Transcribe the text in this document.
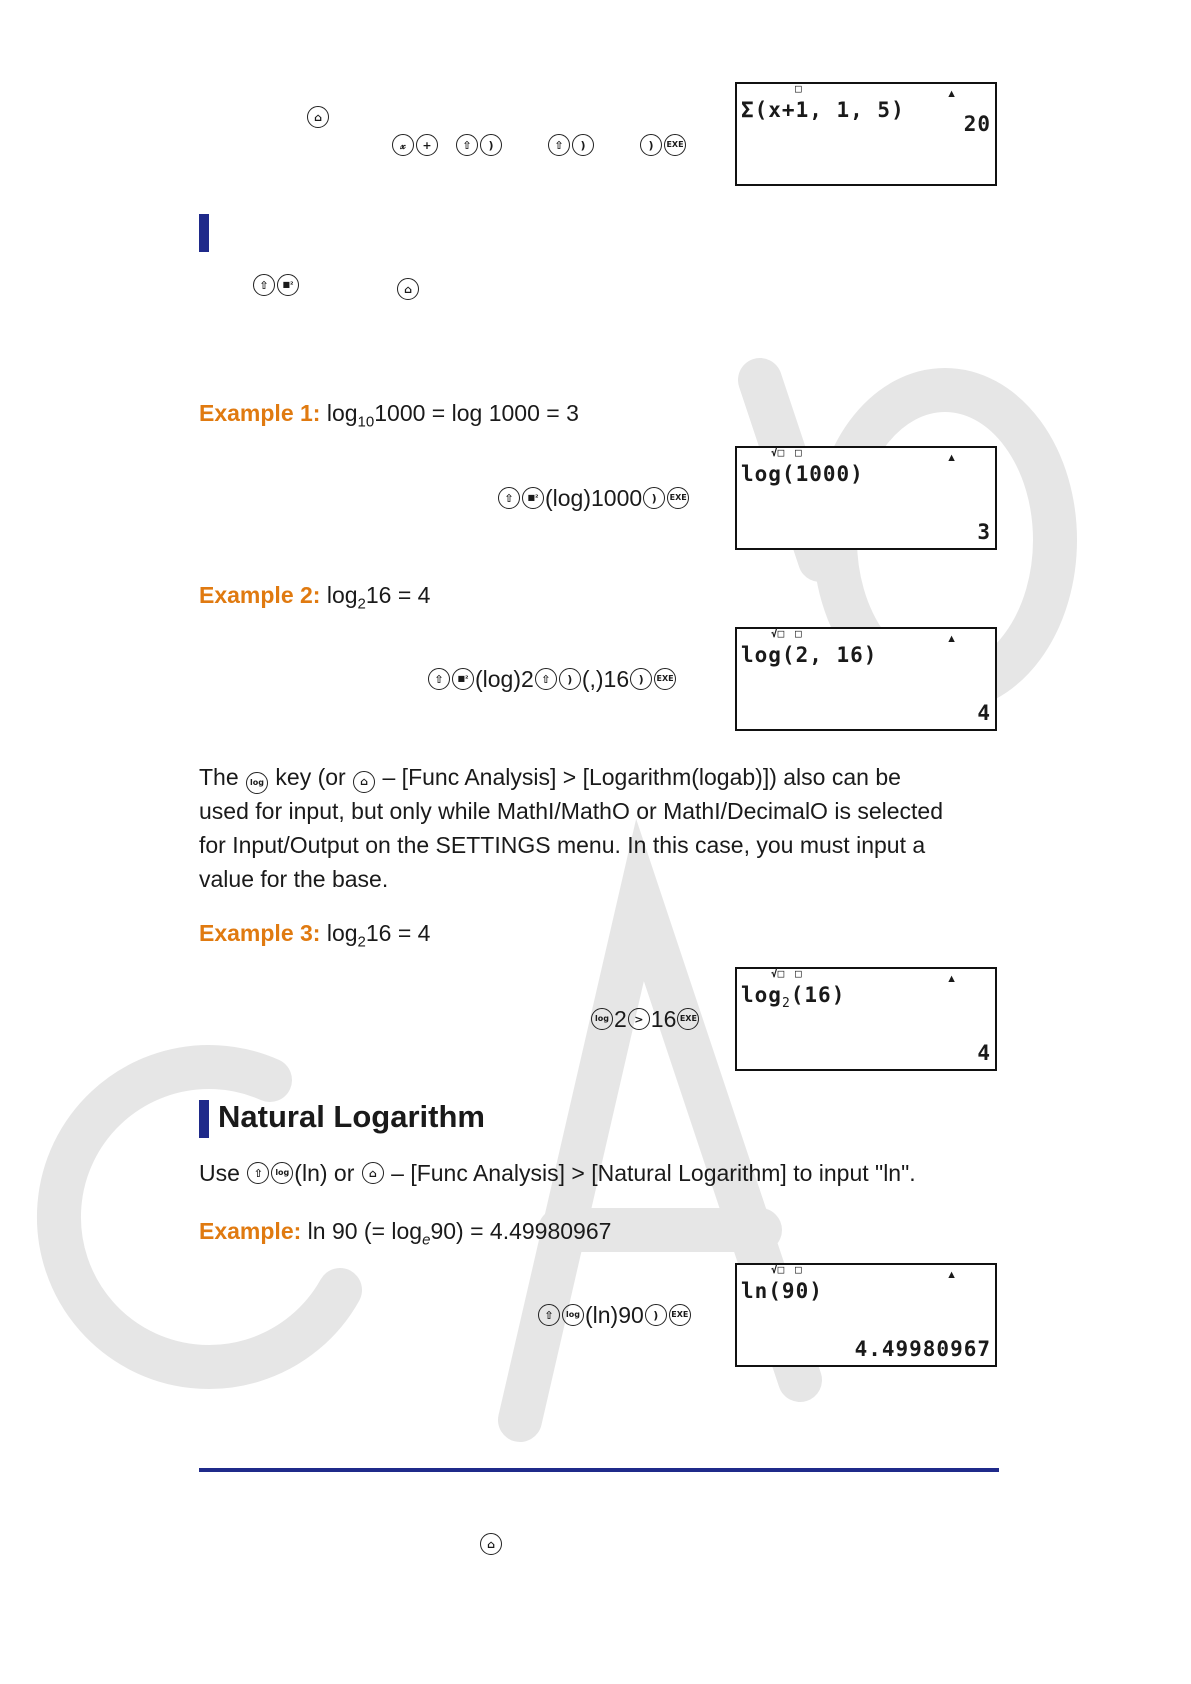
⌂
𝓍	+	⇧	)	⇧	)	)	EXE
□	▲
Σ(x+1, 1, 5)
20
⇧	■²	⌂
Example 1: $\log_{10}1000 = \log 1000 = 3$
⇧	■² (log)1000 )	EXE
√□ □	▲
log(1000)
3
Example 2: $\log_216 = 4$
⇧	■² (log)2 ⇧	) (,)16 )	EXE
√□ □	▲
log(2, 16)
4
The log key (or ⌂ – [Func Analysis] > [Logarithm(logab)]) also can be
used for input, but only while MathI/MathO or MathI/DecimalO is selected
for Input/Output on the SETTINGS menu. In this case, you must input a
value for the base.
Example 3: $\log_216 = 4$
log 2 > 16 EXE
√□ □	▲
$\log_2(16)$
4
Natural Logarithm
Use
	⇧	log (ln) or
	⌂
– [Func Analysis] > [Natural Logarithm] to input "ln".
Example: ln 90 (= $\log_e90) = 4.49980967$
⇧	log (ln)90 )	EXE
√□ □	▲
ln(90)
4.49980967
⌂
